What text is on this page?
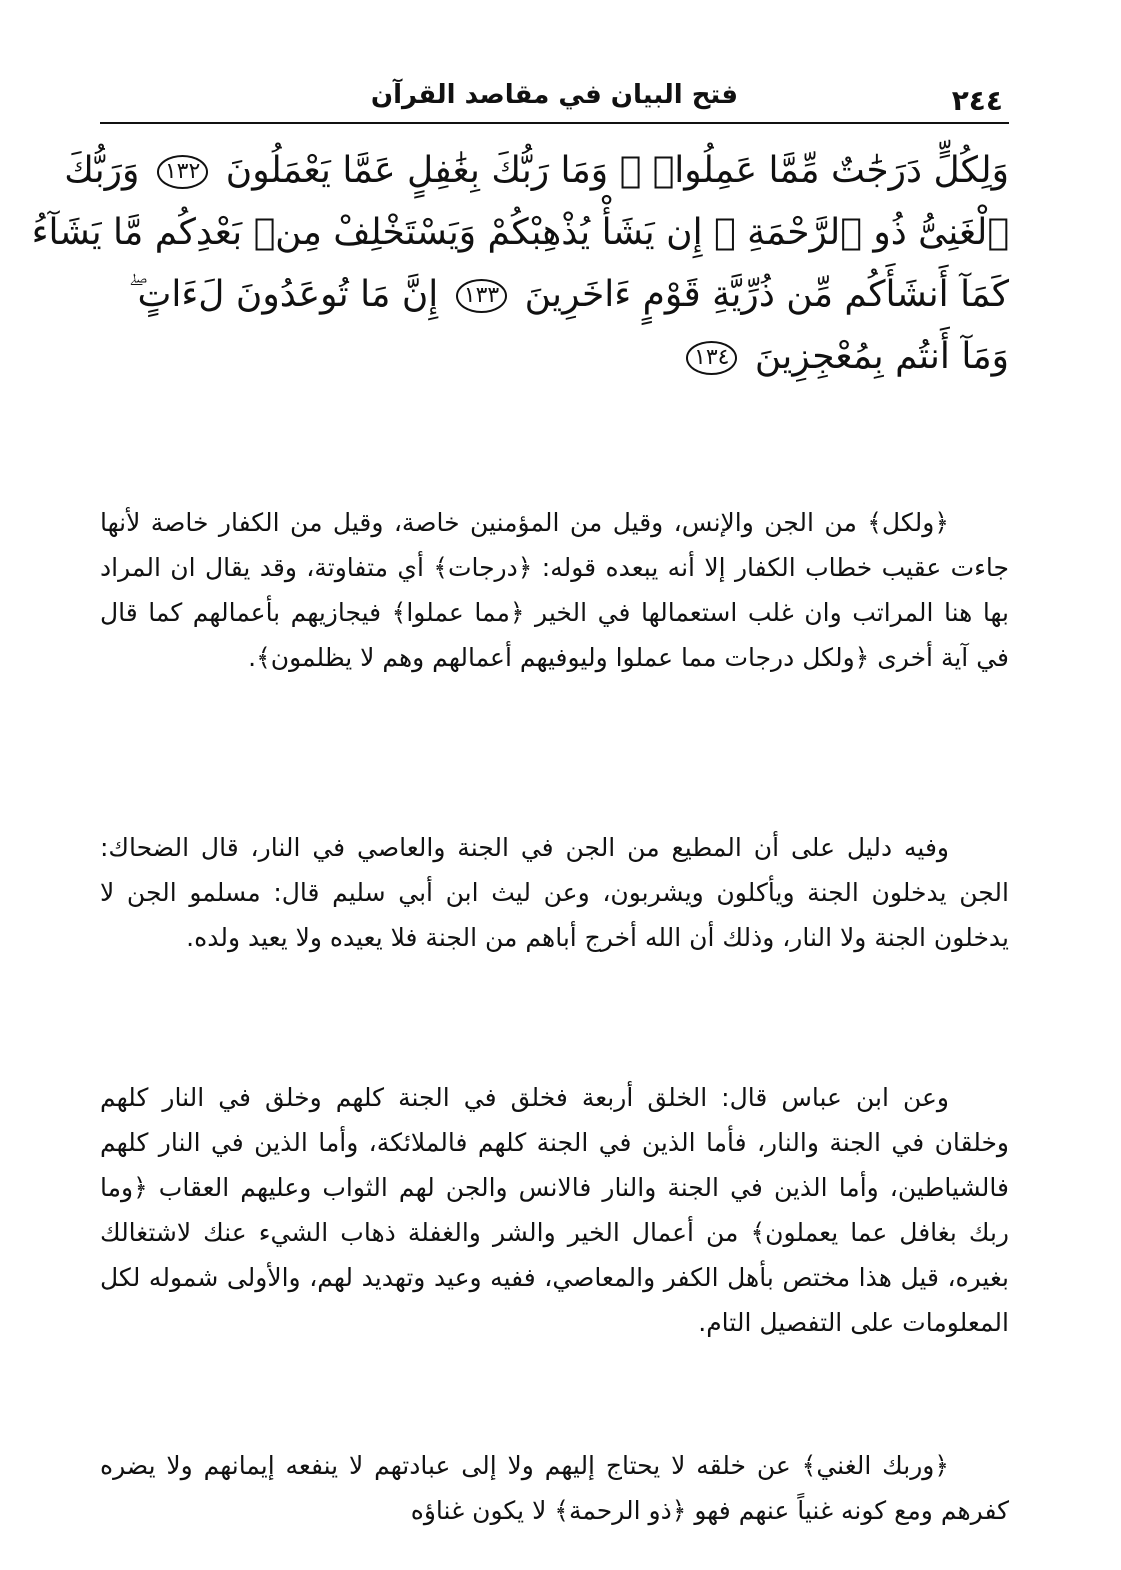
٢٤٤
فتح البيان في مقاصد القرآن
وَلِكُلٍّ دَرَجَٰتٌ مِّمَّا عَمِلُوا۟ ۚ وَمَا رَبُّكَ بِغَٰفِلٍ عَمَّا يَعْمَلُونَ ١٣٢ وَرَبُّكَ
ٱلْغَنِىُّ ذُو ٱلرَّحْمَةِ ۚ إِن يَشَأْ يُذْهِبْكُمْ وَيَسْتَخْلِفْ مِنۢ بَعْدِكُم مَّا يَشَآءُ
كَمَآ أَنشَأَكُم مِّن ذُرِّيَّةِ قَوْمٍ ءَاخَرِينَ ١٣٣ إِنَّ مَا تُوعَدُونَ لَءَاتٍ ۖ
وَمَآ أَنتُم بِمُعْجِزِينَ ١٣٤

﴿ولكل﴾ من الجن والإنس، وقيل من المؤمنين خاصة، وقيل من الكفار خاصة لأنها جاءت عقيب خطاب الكفار إلا أنه يبعده قوله: ﴿درجات﴾ أي متفاوتة، وقد يقال ان المراد بها هنا المراتب وان غلب استعمالها في الخير ﴿مما عملوا﴾ فيجازيهم بأعمالهم كما قال في آية أخرى ﴿ولكل درجات مما عملوا وليوفيهم أعمالهم وهم لا يظلمون﴾.

وفيه دليل على أن المطيع من الجن في الجنة والعاصي في النار، قال الضحاك: الجن يدخلون الجنة ويأكلون ويشربون، وعن ليث ابن أبي سليم قال: مسلمو الجن لا يدخلون الجنة ولا النار، وذلك أن الله أخرج أباهم من الجنة فلا يعيده ولا يعيد ولده.

وعن ابن عباس قال: الخلق أربعة فخلق في الجنة كلهم وخلق في النار كلهم وخلقان في الجنة والنار، فأما الذين في الجنة كلهم فالملائكة، وأما الذين في النار كلهم فالشياطين، وأما الذين في الجنة والنار فالانس والجن لهم الثواب وعليهم العقاب ﴿وما ربك بغافل عما يعملون﴾ من أعمال الخير والشر والغفلة ذهاب الشيء عنك لاشتغالك بغيره، قيل هذا مختص بأهل الكفر والمعاصي، ففيه وعيد وتهديد لهم، والأولى شموله لكل المعلومات على التفصيل التام.

﴿وربك الغني﴾ عن خلقه لا يحتاج إليهم ولا إلى عبادتهم لا ينفعه إيمانهم ولا يضره كفرهم ومع كونه غنياً عنهم فهو ﴿ذو الرحمة﴾ لا يكون غناؤه
